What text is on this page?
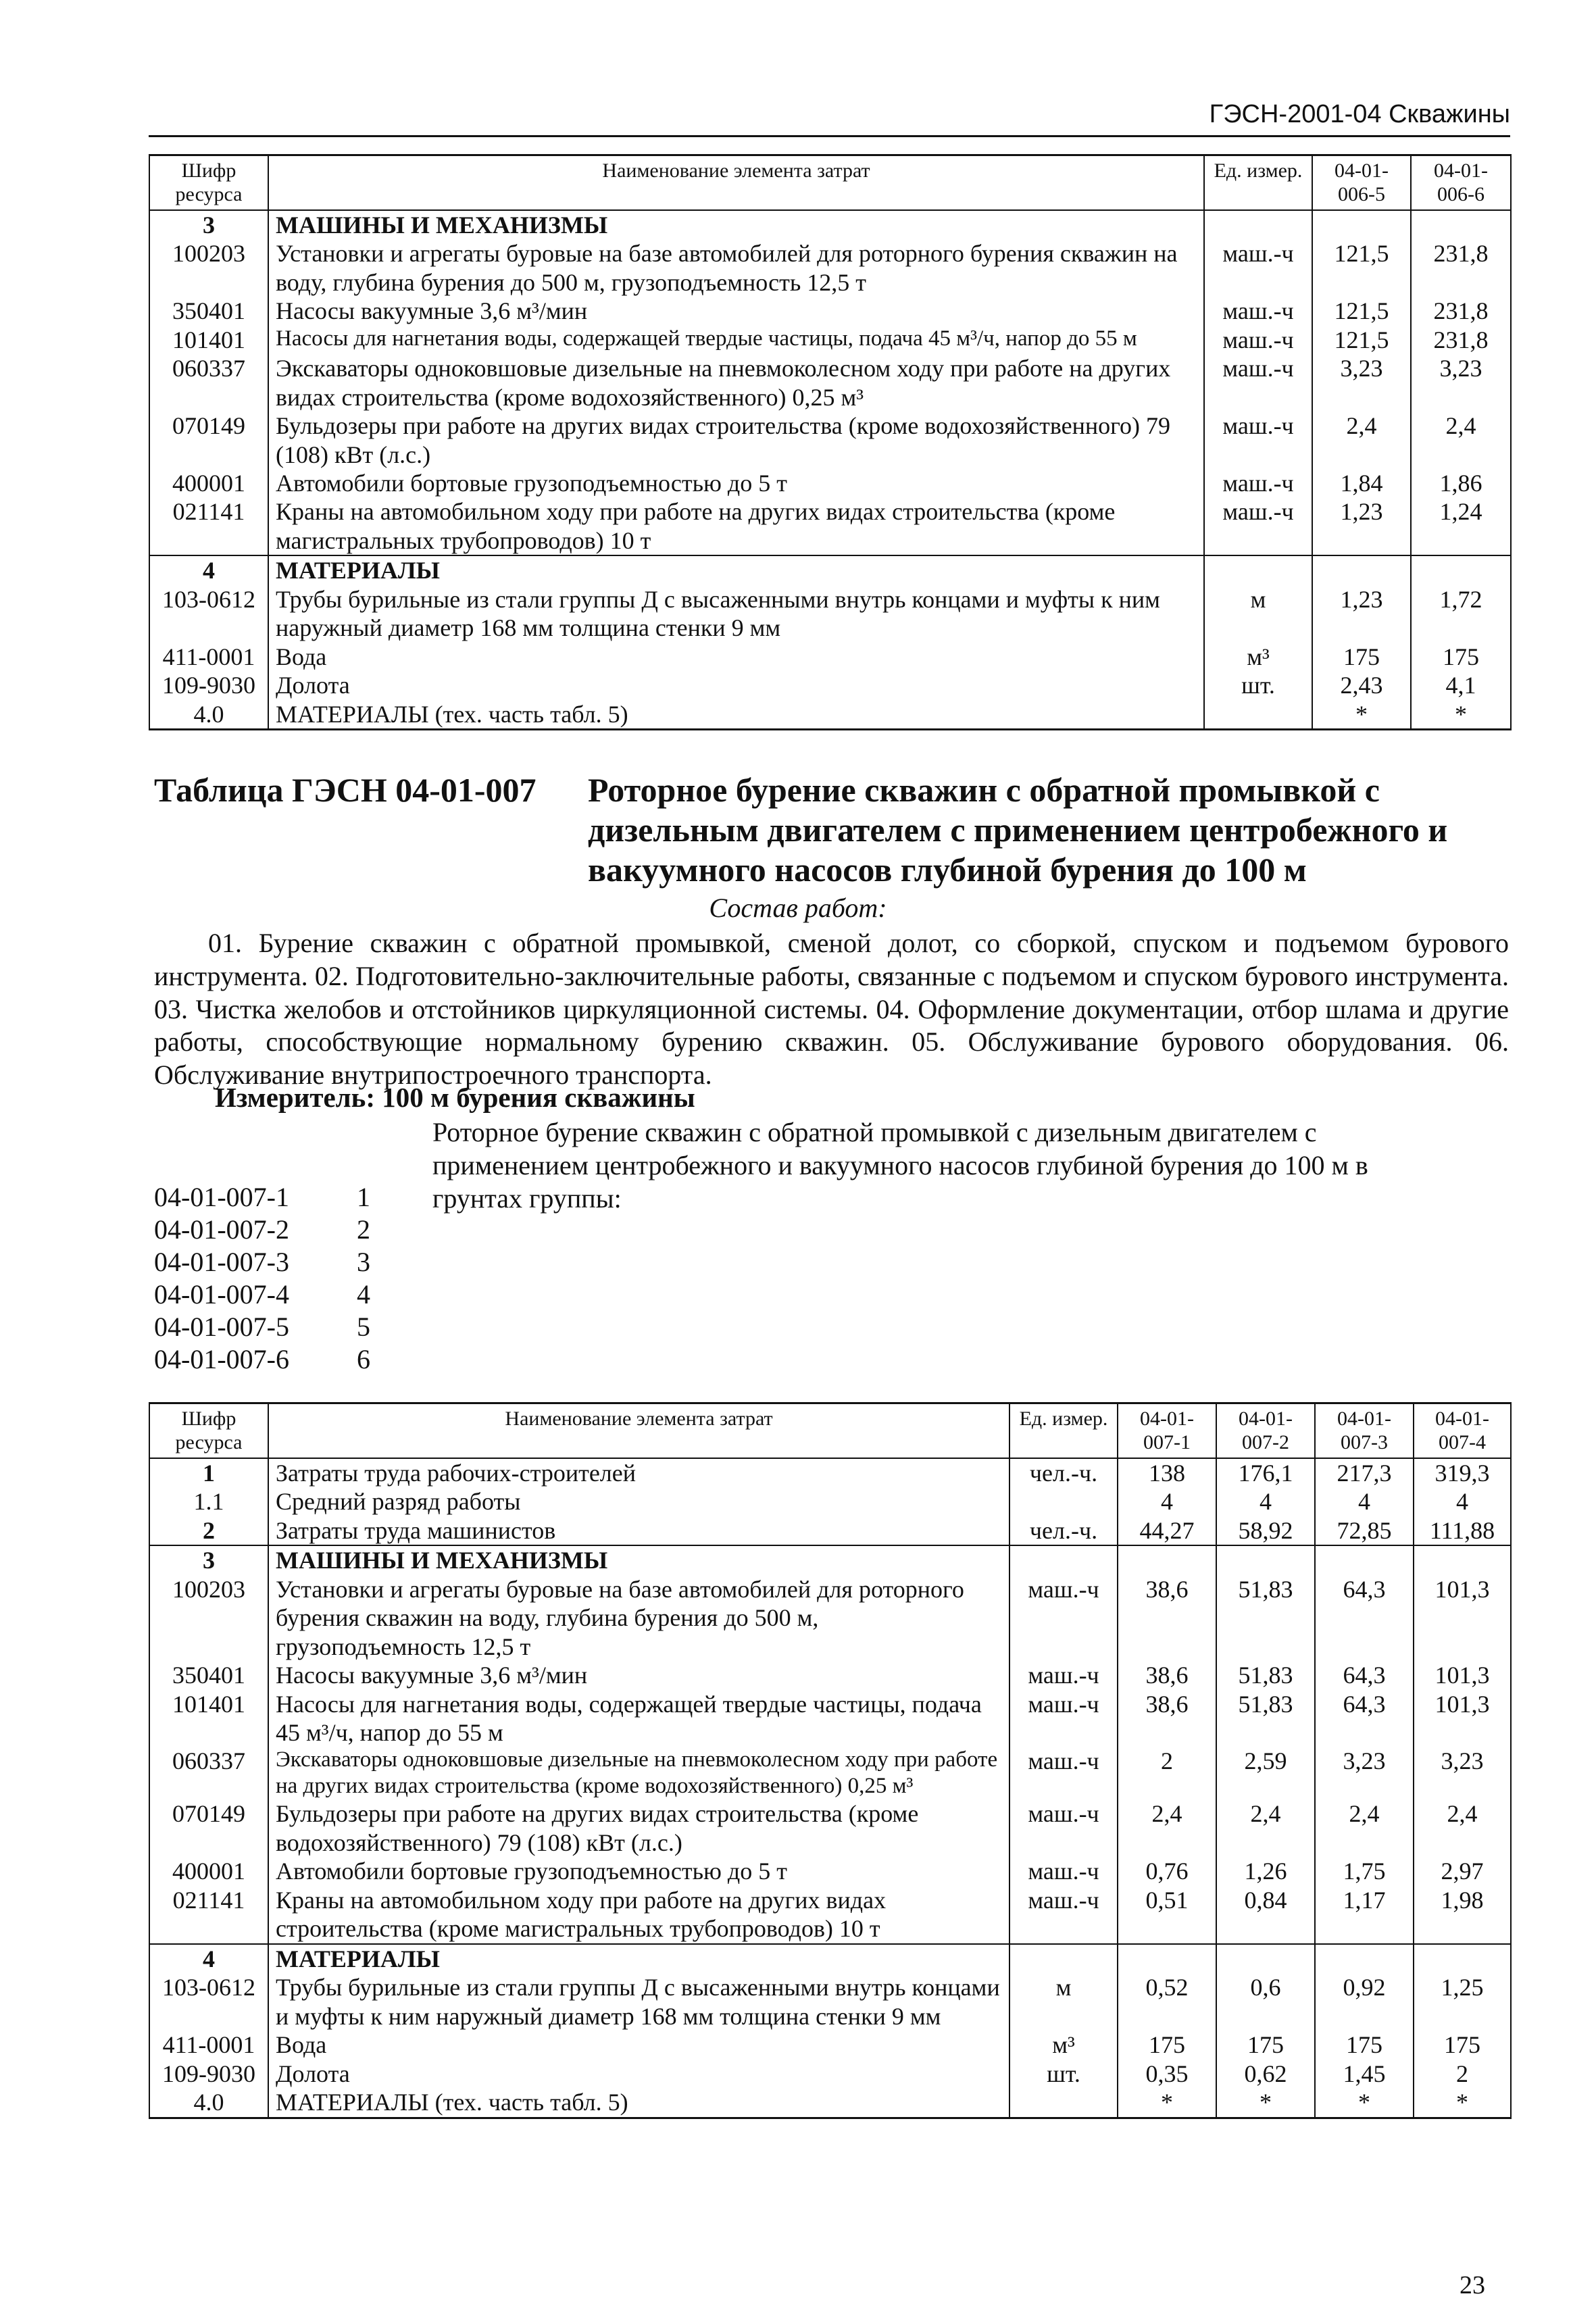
ГЭСН-2001-04 Скважины
Шифр ресурса	Наименование элемента затрат	Ед. измер.	04-01-006-5	04-01-006-6
3	МАШИНЫ И МЕХАНИЗМЫ			
100203	Установки и агрегаты буровые на базе автомобилей для роторного бурения скважин на воду, глубина бурения до 500 м, грузоподъемность 12,5 т	маш.-ч	121,5	231,8
350401	Насосы вакуумные 3,6 м³/мин	маш.-ч	121,5	231,8
101401	Насосы для нагнетания воды, содержащей твердые частицы, подача 45 м³/ч, напор до 55 м	маш.-ч	121,5	231,8
060337	Экскаваторы одноковшовые дизельные на пневмоколесном ходу при работе на других видах строительства (кроме водохозяйственного) 0,25 м³	маш.-ч	3,23	3,23
070149	Бульдозеры при работе на других видах строительства (кроме водохозяйственного) 79 (108) кВт (л.с.)	маш.-ч	2,4	2,4
400001	Автомобили бортовые грузоподъемностью до 5 т	маш.-ч	1,84	1,86
021141	Краны на автомобильном ходу при работе на других видах строительства (кроме магистральных трубопроводов) 10 т	маш.-ч	1,23	1,24
4	МАТЕРИАЛЫ			
103-0612	Трубы бурильные из стали группы Д с высаженными внутрь концами и муфты к ним наружный диаметр 168 мм толщина стенки 9 мм	м	1,23	1,72
411-0001	Вода	м³	175	175
109-9030	Долота	шт.	2,43	4,1
4.0	МАТЕРИАЛЫ (тех. часть табл. 5)		*	*
Таблица ГЭСН 04-01-007 Роторное бурение скважин с обратной промывкой с дизельным двигателем с применением центробежного и вакуумного насосов глубиной бурения до 100 м
Состав работ:
01. Бурение скважин с обратной промывкой, сменой долот, со сборкой, спуском и подъемом бурового инструмента. 02. Подготовительно-заключительные работы, связанные с подъемом и спуском бурового инструмента. 03. Чистка желобов и отстойников циркуляционной системы. 04. Оформление документации, отбор шлама и другие работы, способствующие нормальному бурению скважин. 05. Обслуживание бурового оборудования. 06. Обслуживание внутрипостроечного транспорта.
Измеритель: 100 м бурения скважины
Роторное бурение скважин с обратной промывкой с дизельным двигателем с применением центробежного и вакуумного насосов глубиной бурения до 100 м в грунтах группы:
04-01-007-1	1
04-01-007-2	2
04-01-007-3	3
04-01-007-4	4
04-01-007-5	5
04-01-007-6	6
Шифр ресурса	Наименование элемента затрат	Ед. измер.	04-01-007-1	04-01-007-2	04-01-007-3	04-01-007-4
1	Затраты труда рабочих-строителей	чел.-ч.	138	176,1	217,3	319,3
1.1	Средний разряд работы		4	4	4	4
2	Затраты труда машинистов	чел.-ч.	44,27	58,92	72,85	111,88
3	МАШИНЫ И МЕХАНИЗМЫ					
100203	Установки и агрегаты буровые на базе автомобилей для роторного бурения скважин на воду, глубина бурения до 500 м, грузоподъемность 12,5 т	маш.-ч	38,6	51,83	64,3	101,3
350401	Насосы вакуумные 3,6 м³/мин	маш.-ч	38,6	51,83	64,3	101,3
101401	Насосы для нагнетания воды, содержащей твердые частицы, подача 45 м³/ч, напор до 55 м	маш.-ч	38,6	51,83	64,3	101,3
060337	Экскаваторы одноковшовые дизельные на пневмоколесном ходу при работе на других видах строительства (кроме водохозяйственного) 0,25 м³	маш.-ч	2	2,59	3,23	3,23
070149	Бульдозеры при работе на других видах строительства (кроме водохозяйственного) 79 (108) кВт (л.с.)	маш.-ч	2,4	2,4	2,4	2,4
400001	Автомобили бортовые грузоподъемностью до 5 т	маш.-ч	0,76	1,26	1,75	2,97
021141	Краны на автомобильном ходу при работе на других видах строительства (кроме магистральных трубопроводов) 10 т	маш.-ч	0,51	0,84	1,17	1,98
4	МАТЕРИАЛЫ					
103-0612	Трубы бурильные из стали группы Д с высаженными внутрь концами и муфты к ним наружный диаметр 168 мм толщина стенки 9 мм	м	0,52	0,6	0,92	1,25
411-0001	Вода	м³	175	175	175	175
109-9030	Долота	шт.	0,35	0,62	1,45	2
4.0	МАТЕРИАЛЫ (тех. часть табл. 5)		*	*	*	*
23
